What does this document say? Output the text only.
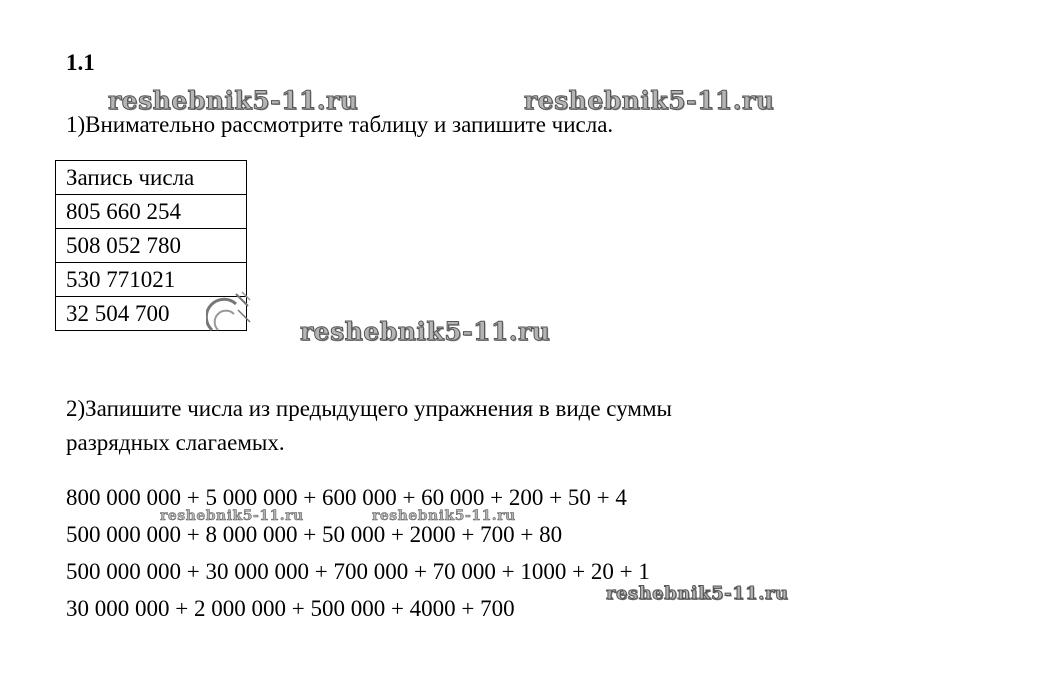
1.1
reshebnik5-11.ru	reshebnik5-11.ru
1)Внимательно рассмотрите таблицу и запишите числа.
Запись числа
805 660 254
508 052 780
530 771021
32 504 700
reshebnik5-11.ru
2)Запишите числа из предыдущего упражнения в виде суммы
разрядных слагаемых.
800 000 000 + 5 000 000 + 600 000 + 60 000 + 200 + 50 + 4
reshebnik5-11.ru	reshebnik5-11.ru
500 000 000 + 8 000 000 + 50 000 + 2000 + 700 + 80
500 000 000 + 30 000 000 + 700 000 + 70 000 + 1000 + 20 + 1
30 000 000 + 2 000 000 + 500 000 + 4000 + 700
reshebnik5-11.ru
